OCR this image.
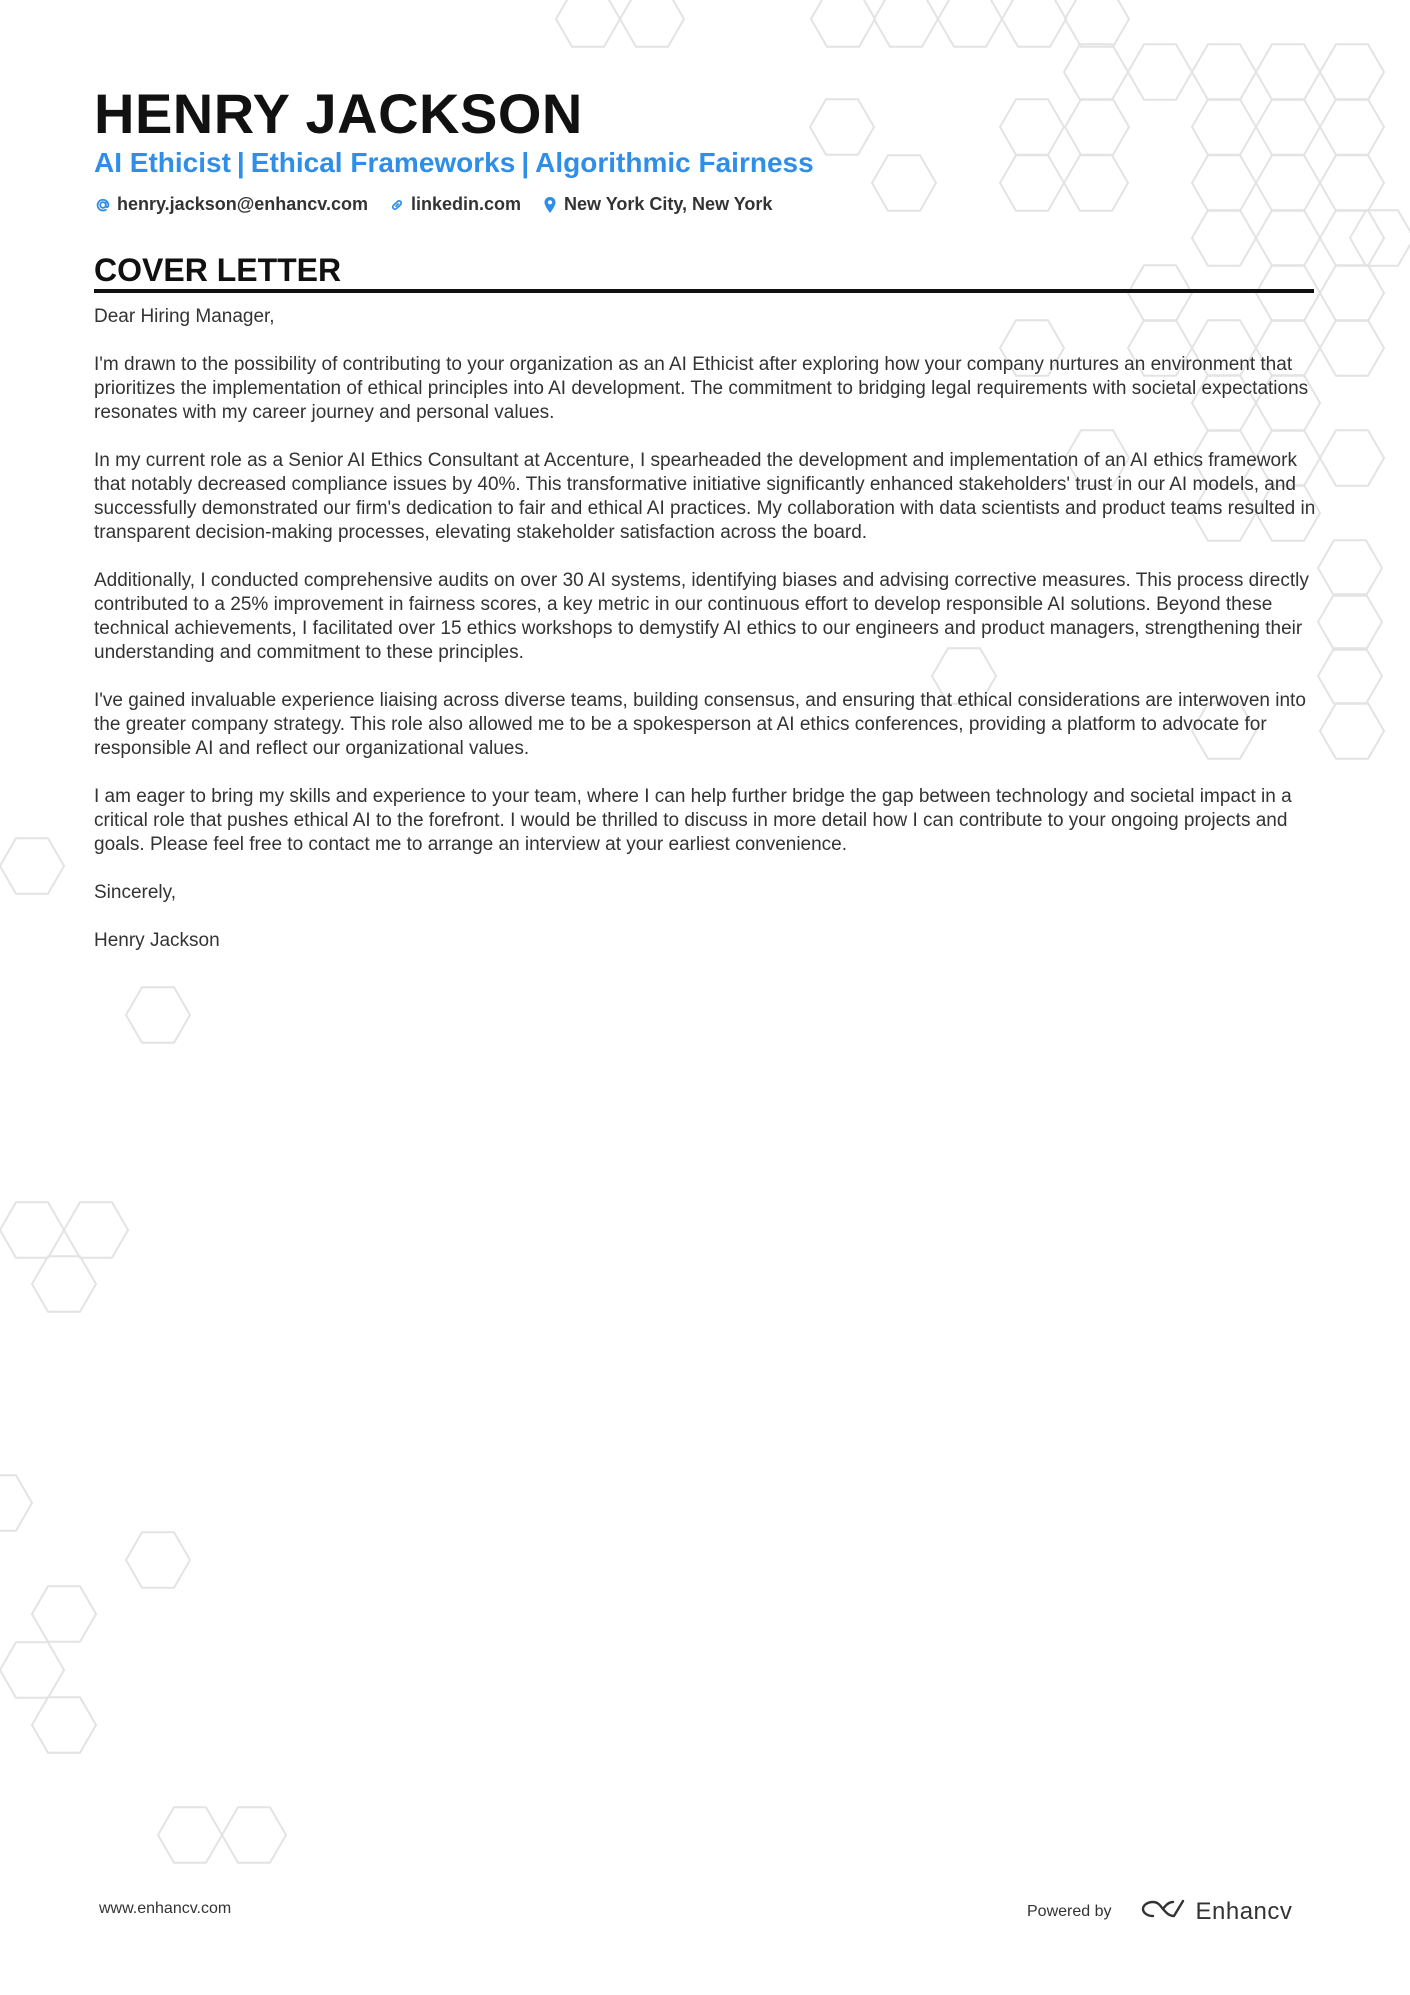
HENRY JACKSON
AI Ethicist | Ethical Frameworks | Algorithmic Fairness
henry.jackson@enhancv.com linkedin.com New York City, New York
COVER LETTER

Dear Hiring Manager,

I'm drawn to the possibility of contributing to your organization as an AI Ethicist after exploring how your company nurtures an environment that prioritizes the implementation of ethical principles into AI development. The commitment to bridging legal requirements with societal expectations resonates with my career journey and personal values.

In my current role as a Senior AI Ethics Consultant at Accenture, I spearheaded the development and implementation of an AI ethics framework that notably decreased compliance issues by 40%. This transformative initiative significantly enhanced stakeholders' trust in our AI models, and successfully demonstrated our firm's dedication to fair and ethical AI practices. My collaboration with data scientists and product teams resulted in transparent decision-making processes, elevating stakeholder satisfaction across the board.

Additionally, I conducted comprehensive audits on over 30 AI systems, identifying biases and advising corrective measures. This process directly contributed to a 25% improvement in fairness scores, a key metric in our continuous effort to develop responsible AI solutions. Beyond these technical achievements, I facilitated over 15 ethics workshops to demystify AI ethics to our engineers and product managers, strengthening their understanding and commitment to these principles.

I've gained invaluable experience liaising across diverse teams, building consensus, and ensuring that ethical considerations are interwoven into the greater company strategy. This role also allowed me to be a spokesperson at AI ethics conferences, providing a platform to advocate for responsible AI and reflect our organizational values.

I am eager to bring my skills and experience to your team, where I can help further bridge the gap between technology and societal impact in a critical role that pushes ethical AI to the forefront. I would be thrilled to discuss in more detail how I can contribute to your ongoing projects and goals. Please feel free to contact me to arrange an interview at your earliest convenience.

Sincerely,

Henry Jackson

www.enhancv.com	Powered by	Enhancv
